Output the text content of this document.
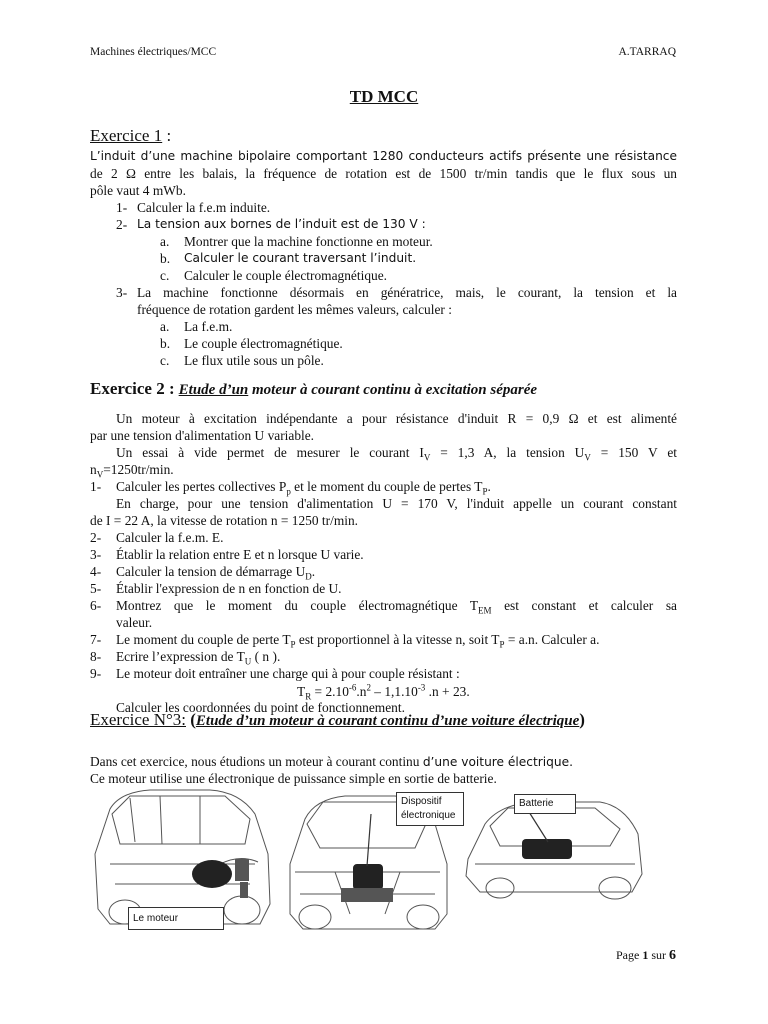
Machines électriques/MCC	A.TARRAQ
TD MCC
Exercice 1 :
L’induit d’une machine bipolaire comportant 1280 conducteurs actifs présente une résistance
de 2 Ω entre les balais, la fréquence de rotation est de 1500 tr/min tandis que le flux sous un
pôle vaut 4 mWb.
1- Calculer la f.e.m induite.
2- La tension aux bornes de l’induit est de 130 V :
a. Montrer que la machine fonctionne en moteur.
b. Calculer le courant traversant l’induit.
c. Calculer le couple électromagnétique.
3- La machine fonctionne désormais en génératrice, mais, le courant, la tension et la
fréquence de rotation gardent les mêmes valeurs, calculer :
a. La f.e.m.
b. Le couple électromagnétique.
c. Le flux utile sous un pôle.
Exercice 2 : Etude d’un moteur à courant continu à excitation séparée
Un moteur à excitation indépendante a pour résistance d'induit R = 0,9 Ω et est alimenté
par une tension d'alimentation U variable.
Un essai à vide permet de mesurer le courant $I_V = 1,3$ A, la tension $U_V = 150$ V et
$n_V=1250tr/\min$.
1- Calculer les pertes collectives $P_p$ et le moment du couple de pertes $T_P$.
En charge, pour une tension d'alimentation U = 170 V, l'induit appelle un courant constant
de I = 22 A, la vitesse de rotation n = 1250 tr/min.
2- Calculer la f.e.m. E.
3- Établir la relation entre E et n lorsque U varie.
4- Calculer la tension de démarrage $U_D$.
5- Établir l'expression de n en fonction de U.
6- Montrez que le moment du couple électromagnétique $T_{EM}$ est constant et calculer sa
valeur.
7- Le moment du couple de perte $T_P$ est proportionnel à la vitesse n, soit $T_P = a.n$. Calculer a.
8- Ecrire l’expression de $T_U$ ( n ).
9- Le moteur doit entraîner une charge qui à pour couple résistant :
$T_R = 2.10^{-6}.n^2 - 1,1.10^{-3}$ .n + 23.
Calculer les coordonnées du point de fonctionnement.
Exercice N°3: (Etude d’un moteur à courant continu d’une voiture électrique)
Dans cet exercice, nous étudions un moteur à courant continu d’une voiture électrique.
Ce moteur utilise une électronique de puissance simple en sortie de batterie.
Le moteur
Dispositif
électronique
Batterie
Page 1 sur 6
